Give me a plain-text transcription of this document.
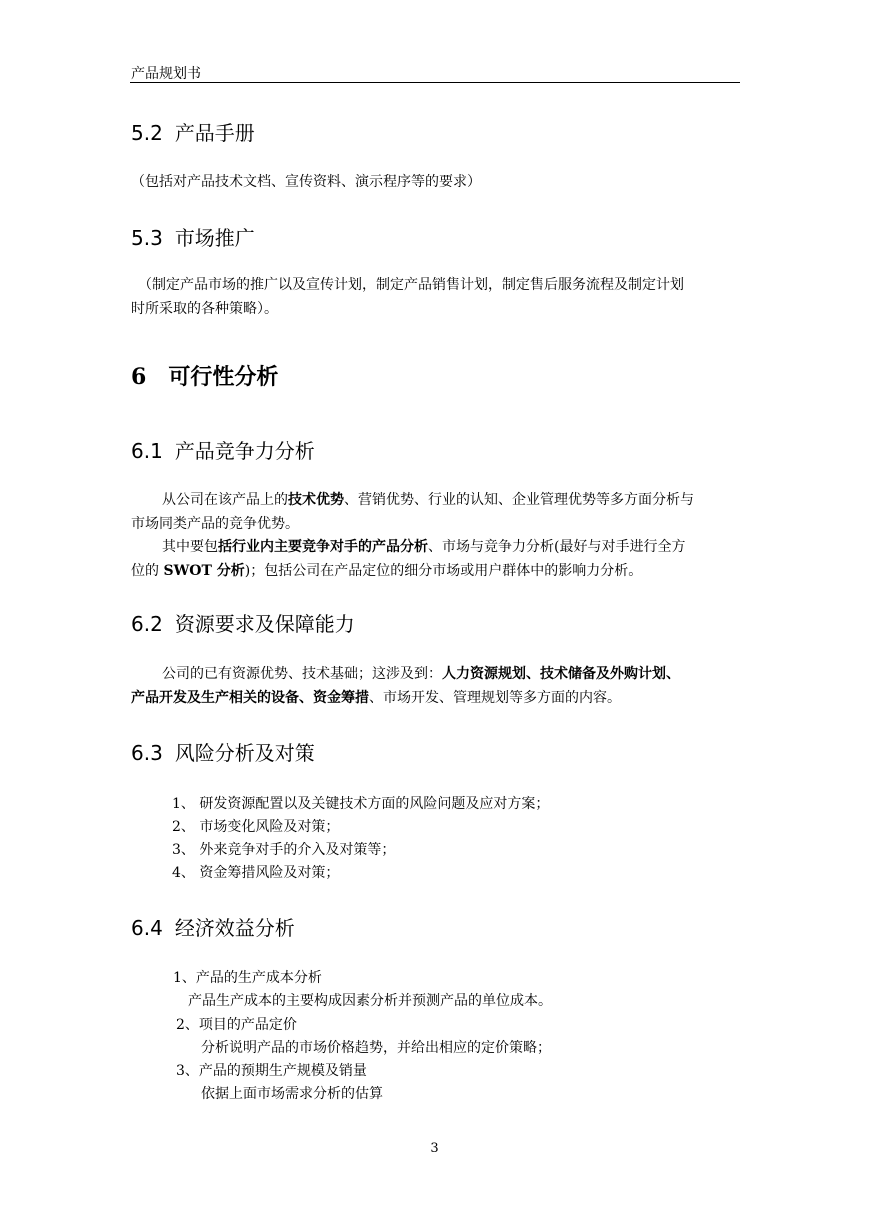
产品规划书
5.2 产品手册
（包括对产品技术文档、宣传资料、演示程序等的要求）
5.3 市场推广
（制定产品市场的推广以及宣传计划，制定产品销售计划，制定售后服务流程及制定计划
时所采取的各种策略）。
6 可行性分析
6.1 产品竞争力分析
从公司在该产品上的技术优势、营销优势、行业的认知、企业管理优势等多方面分析与
市场同类产品的竞争优势。
其中要包括行业内主要竞争对手的产品分析、市场与竞争力分析(最好与对手进行全方
位的 SWOT 分析)；包括公司在产品定位的细分市场或用户群体中的影响力分析。
6.2 资源要求及保障能力
公司的已有资源优势、技术基础；这涉及到：人力资源规划、技术储备及外购计划、
产品开发及生产相关的设备、资金筹措、市场开发、管理规划等多方面的内容。
6.3 风险分析及对策
1、 研发资源配置以及关键技术方面的风险问题及应对方案；
2、 市场变化风险及对策；
3、 外来竞争对手的介入及对策等；
4、 资金筹措风险及对策；
6.4 经济效益分析
1、产品的生产成本分析
产品生产成本的主要构成因素分析并预测产品的单位成本。
2、项目的产品定价
分析说明产品的市场价格趋势，并给出相应的定价策略；
3、产品的预期生产规模及销量
依据上面市场需求分析的估算
3
